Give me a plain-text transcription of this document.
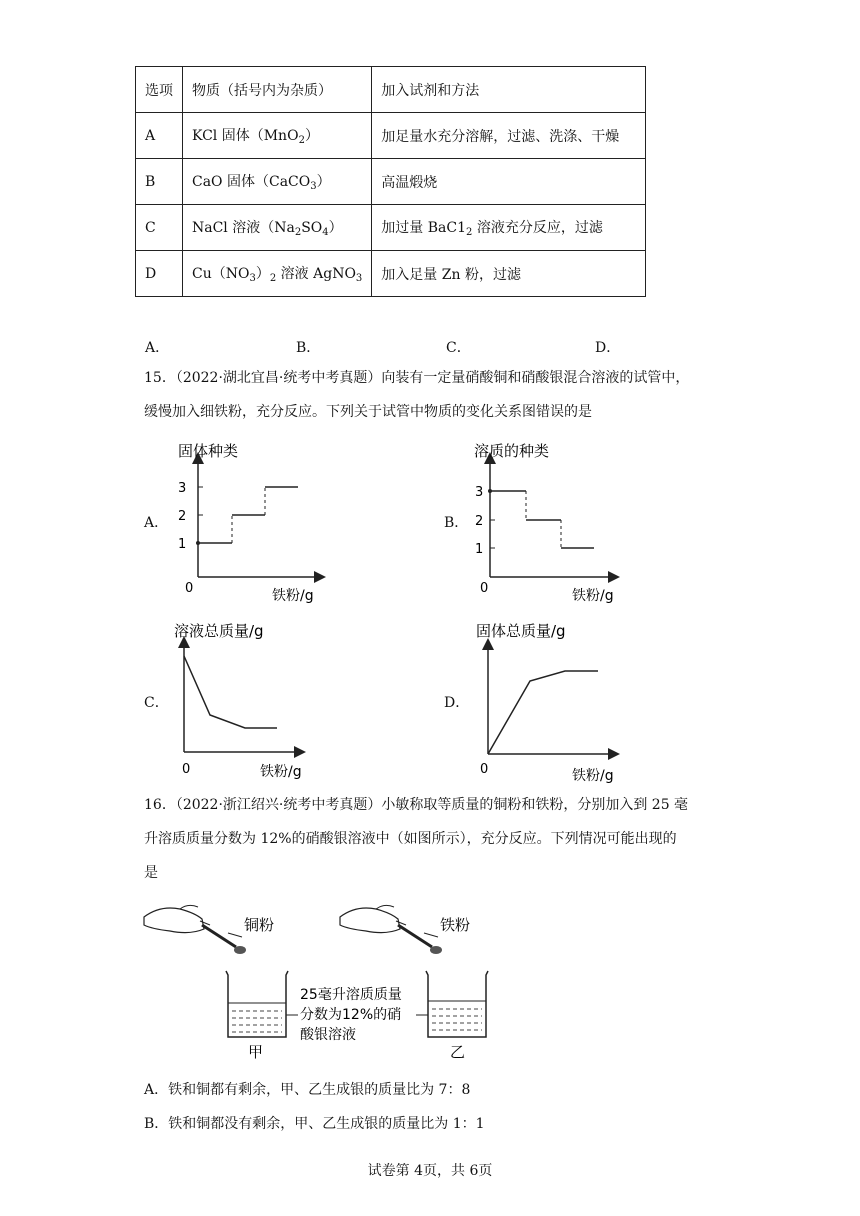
选项	物质（括号内为杂质）	加入试剂和方法
A	KCl 固体（MnO$_2$）	加足量水充分溶解，过滤、洗涤、干燥
B	CaO 固体（CaCO$_3$）	高温煅烧
C	NaCl 溶液$(Na_2SO_4)$	加过量 $BaC1_2$ 溶液充分反应，过滤
D	$Cu(NO_3)_2$ 溶液 AgNO$_3$	加入足量 Zn 粉，过滤
A．	B．	C．	D．
15．（2022·湖北宜昌·统考中考真题）向装有一定量硝酸铜和硝酸银混合溶液的试管中，
缓慢加入细铁粉，充分反应。下列关于试管中物质的变化关系图错误的是
A．	B．
C．	D．
固体种类
3
2
1
0	铁粉/g
溶质的种类
3
2
1
0	铁粉/g
溶液总质量/g
0	铁粉/g
固体总质量/g
0	铁粉/g
16．（2022·浙江绍兴·统考中考真题）小敏称取等质量的铜粉和铁粉，分别加入到 25 毫
升溶质质量分数为 12%的硝酸银溶液中（如图所示），充分反应。下列情况可能出现的
是
铜粉	铁粉
甲	乙
25毫升溶质质量
分数为12%的硝
酸银溶液
A．铁和铜都有剩余，甲、乙生成银的质量比为 7：8
B．铁和铜都没有剩余，甲、乙生成银的质量比为 1：1
试卷第 4页，共 6页
